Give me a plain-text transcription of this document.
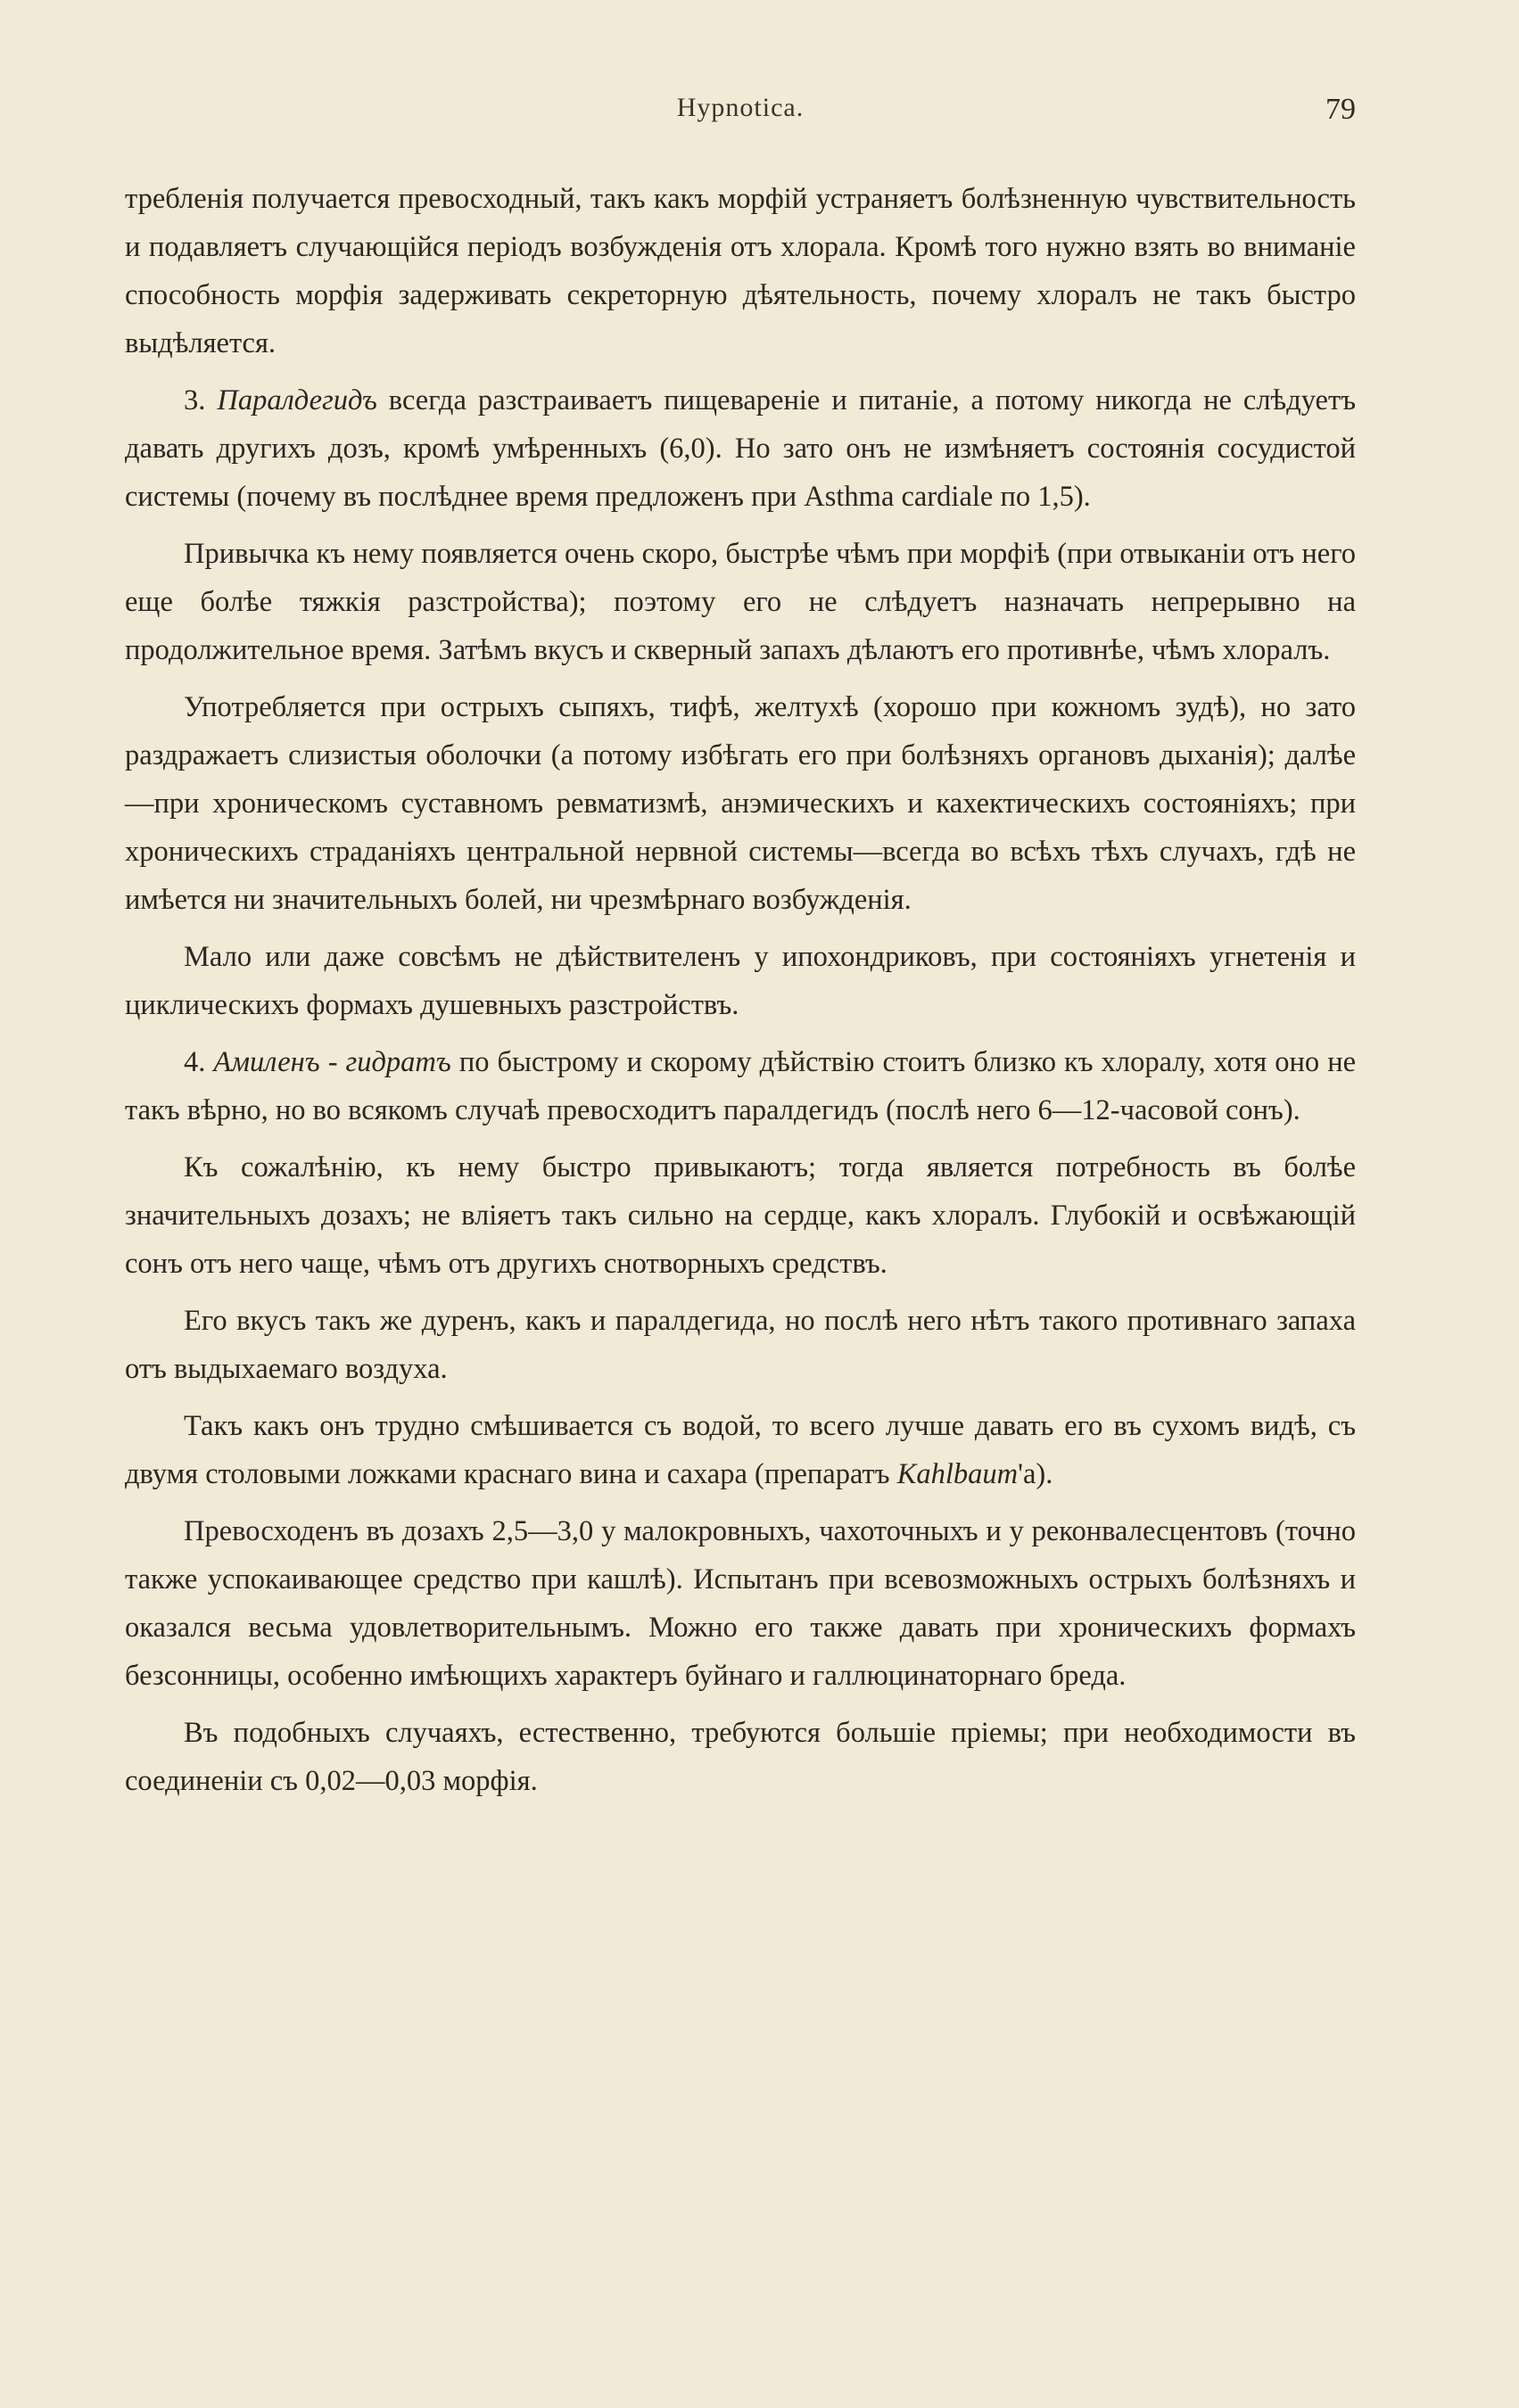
Hypnotica.	79

требленія получается превосходный, такъ какъ морфій устраняетъ болѣзненную чувствительность и подавляетъ случающійся періодъ возбужденія отъ хлорала. Кромѣ того нужно взять во вниманіе способность морфія задерживать секреторную дѣятельность, почему хлоралъ не такъ быстро выдѣляется.

3. Паралдегидъ всегда разстраиваетъ пищевареніе и питаніе, а потому никогда не слѣдуетъ давать другихъ дозъ, кромѣ умѣренныхъ (6,0). Но зато онъ не измѣняетъ состоянія сосудистой системы (почему въ послѣднее время предложенъ при Asthma cardiale по 1,5).

Привычка къ нему появляется очень скоро, быстрѣе чѣмъ при морфіѣ (при отвыканіи отъ него еще болѣе тяжкія разстройства); поэтому его не слѣдуетъ назначать непрерывно на продолжительное время. Затѣмъ вкусъ и скверный запахъ дѣлаютъ его противнѣе, чѣмъ хлоралъ.

Употребляется при острыхъ сыпяхъ, тифѣ, желтухѣ (хорошо при кожномъ зудѣ), но зато раздражаетъ слизистыя оболочки (а потому избѣгать его при болѣзняхъ органовъ дыханія); далѣе—при хроническомъ суставномъ ревматизмѣ, анэмическихъ и кахектическихъ состояніяхъ; при хроническихъ страданіяхъ центральной нервной системы—всегда во всѣхъ тѣхъ случахъ, гдѣ не имѣется ни значительныхъ болей, ни чрезмѣрнаго возбужденія.

Мало или даже совсѣмъ не дѣйствителенъ у ипохондриковъ, при состояніяхъ угнетенія и циклическихъ формахъ душевныхъ разстройствъ.

4. Амиленъ - гидратъ по быстрому и скорому дѣйствію стоитъ близко къ хлоралу, хотя оно не такъ вѣрно, но во всякомъ случаѣ превосходитъ паралдегидъ (послѣ него 6—12-часовой сонъ).

Къ сожалѣнію, къ нему быстро привыкаютъ; тогда является потребность въ болѣе значительныхъ дозахъ; не вліяетъ такъ сильно на сердце, какъ хлоралъ. Глубокій и освѣжающій сонъ отъ него чаще, чѣмъ отъ другихъ снотворныхъ средствъ.

Его вкусъ такъ же дуренъ, какъ и паралдегида, но послѣ него нѣтъ такого противнаго запаха отъ выдыхаемаго воздуха.

Такъ какъ онъ трудно смѣшивается съ водой, то всего лучше давать его въ сухомъ видѣ, съ двумя столовыми ложками краснаго вина и сахара (препаратъ Kahlbaum'а).

Превосходенъ въ дозахъ 2,5—3,0 у малокровныхъ, чахоточныхъ и у реконвалесцентовъ (точно также успокаивающее средство при кашлѣ). Испытанъ при всевозможныхъ острыхъ болѣзняхъ и оказался весьма удовлетворительнымъ. Можно его также давать при хроническихъ формахъ безсонницы, особенно имѣющихъ характеръ буйнаго и галлюцинаторнаго бреда.

Въ подобныхъ случаяхъ, естественно, требуются большіе пріемы; при необходимости въ соединеніи съ 0,02—0,03 морфія.
